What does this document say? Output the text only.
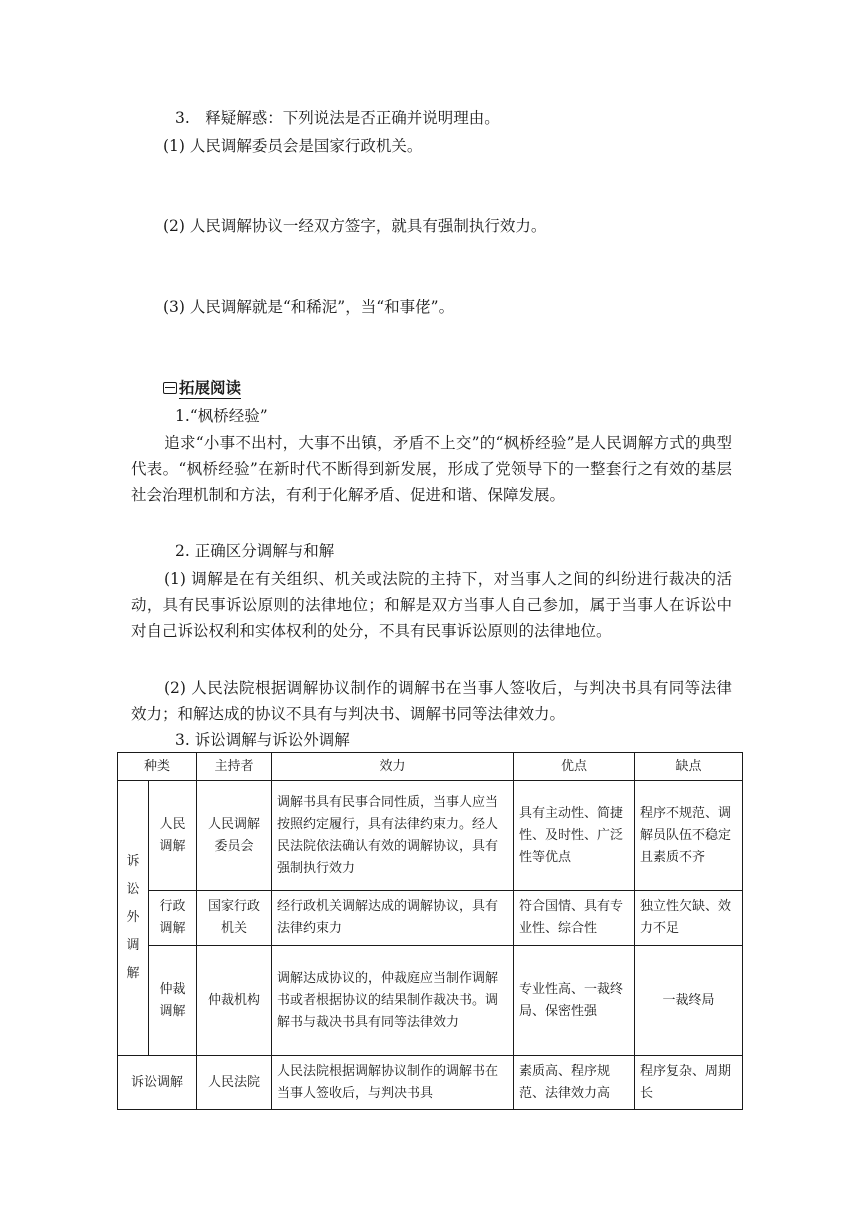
3.　释疑解惑：下列说法是否正确并说明理由。
(1) 人民调解委员会是国家行政机关。
(2) 人民调解协议一经双方签字，就具有强制执行效力。
(3) 人民调解就是“和稀泥”，当“和事佬”。
拓展阅读
1.“枫桥经验”
追求“小事不出村，大事不出镇，矛盾不上交”的“枫桥经验”是人民调解方式的典型代表。“枫桥经验”在新时代不断得到新发展，形成了党领导下的一整套行之有效的基层社会治理机制和方法，有利于化解矛盾、促进和谐、保障发展。
2. 正确区分调解与和解
(1) 调解是在有关组织、机关或法院的主持下，对当事人之间的纠纷进行裁决的活动，具有民事诉讼原则的法律地位；和解是双方当事人自己参加，属于当事人在诉讼中对自己诉讼权利和实体权利的处分，不具有民事诉讼原则的法律地位。
(2) 人民法院根据调解协议制作的调解书在当事人签收后，与判决书具有同等法律效力；和解达成的协议不具有与判决书、调解书同等法律效力。
3. 诉讼调解与诉讼外调解
种类		主持者	效力	优点	缺点
诉讼外调解	人民调解	人民调解委员会	调解书具有民事合同性质，当事人应当按照约定履行，具有法律约束力。经人民法院依法确认有效的调解协议，具有强制执行效力	具有主动性、简捷性、及时性、广泛性等优点	程序不规范、调解员队伍不稳定且素质不齐
	行政调解	国家行政机关	经行政机关调解达成的调解协议，具有法律约束力	符合国情、具有专业性、综合性	独立性欠缺、效力不足
	仲裁调解	仲裁机构	调解达成协议的，仲裁庭应当制作调解书或者根据协议的结果制作裁决书。调解书与裁决书具有同等法律效力	专业性高、一裁终局、保密性强	一裁终局
诉讼调解		人民法院	人民法院根据调解协议制作的调解书在当事人签收后，与判决书具	素质高、程序规范、法律效力高	程序复杂、周期长
